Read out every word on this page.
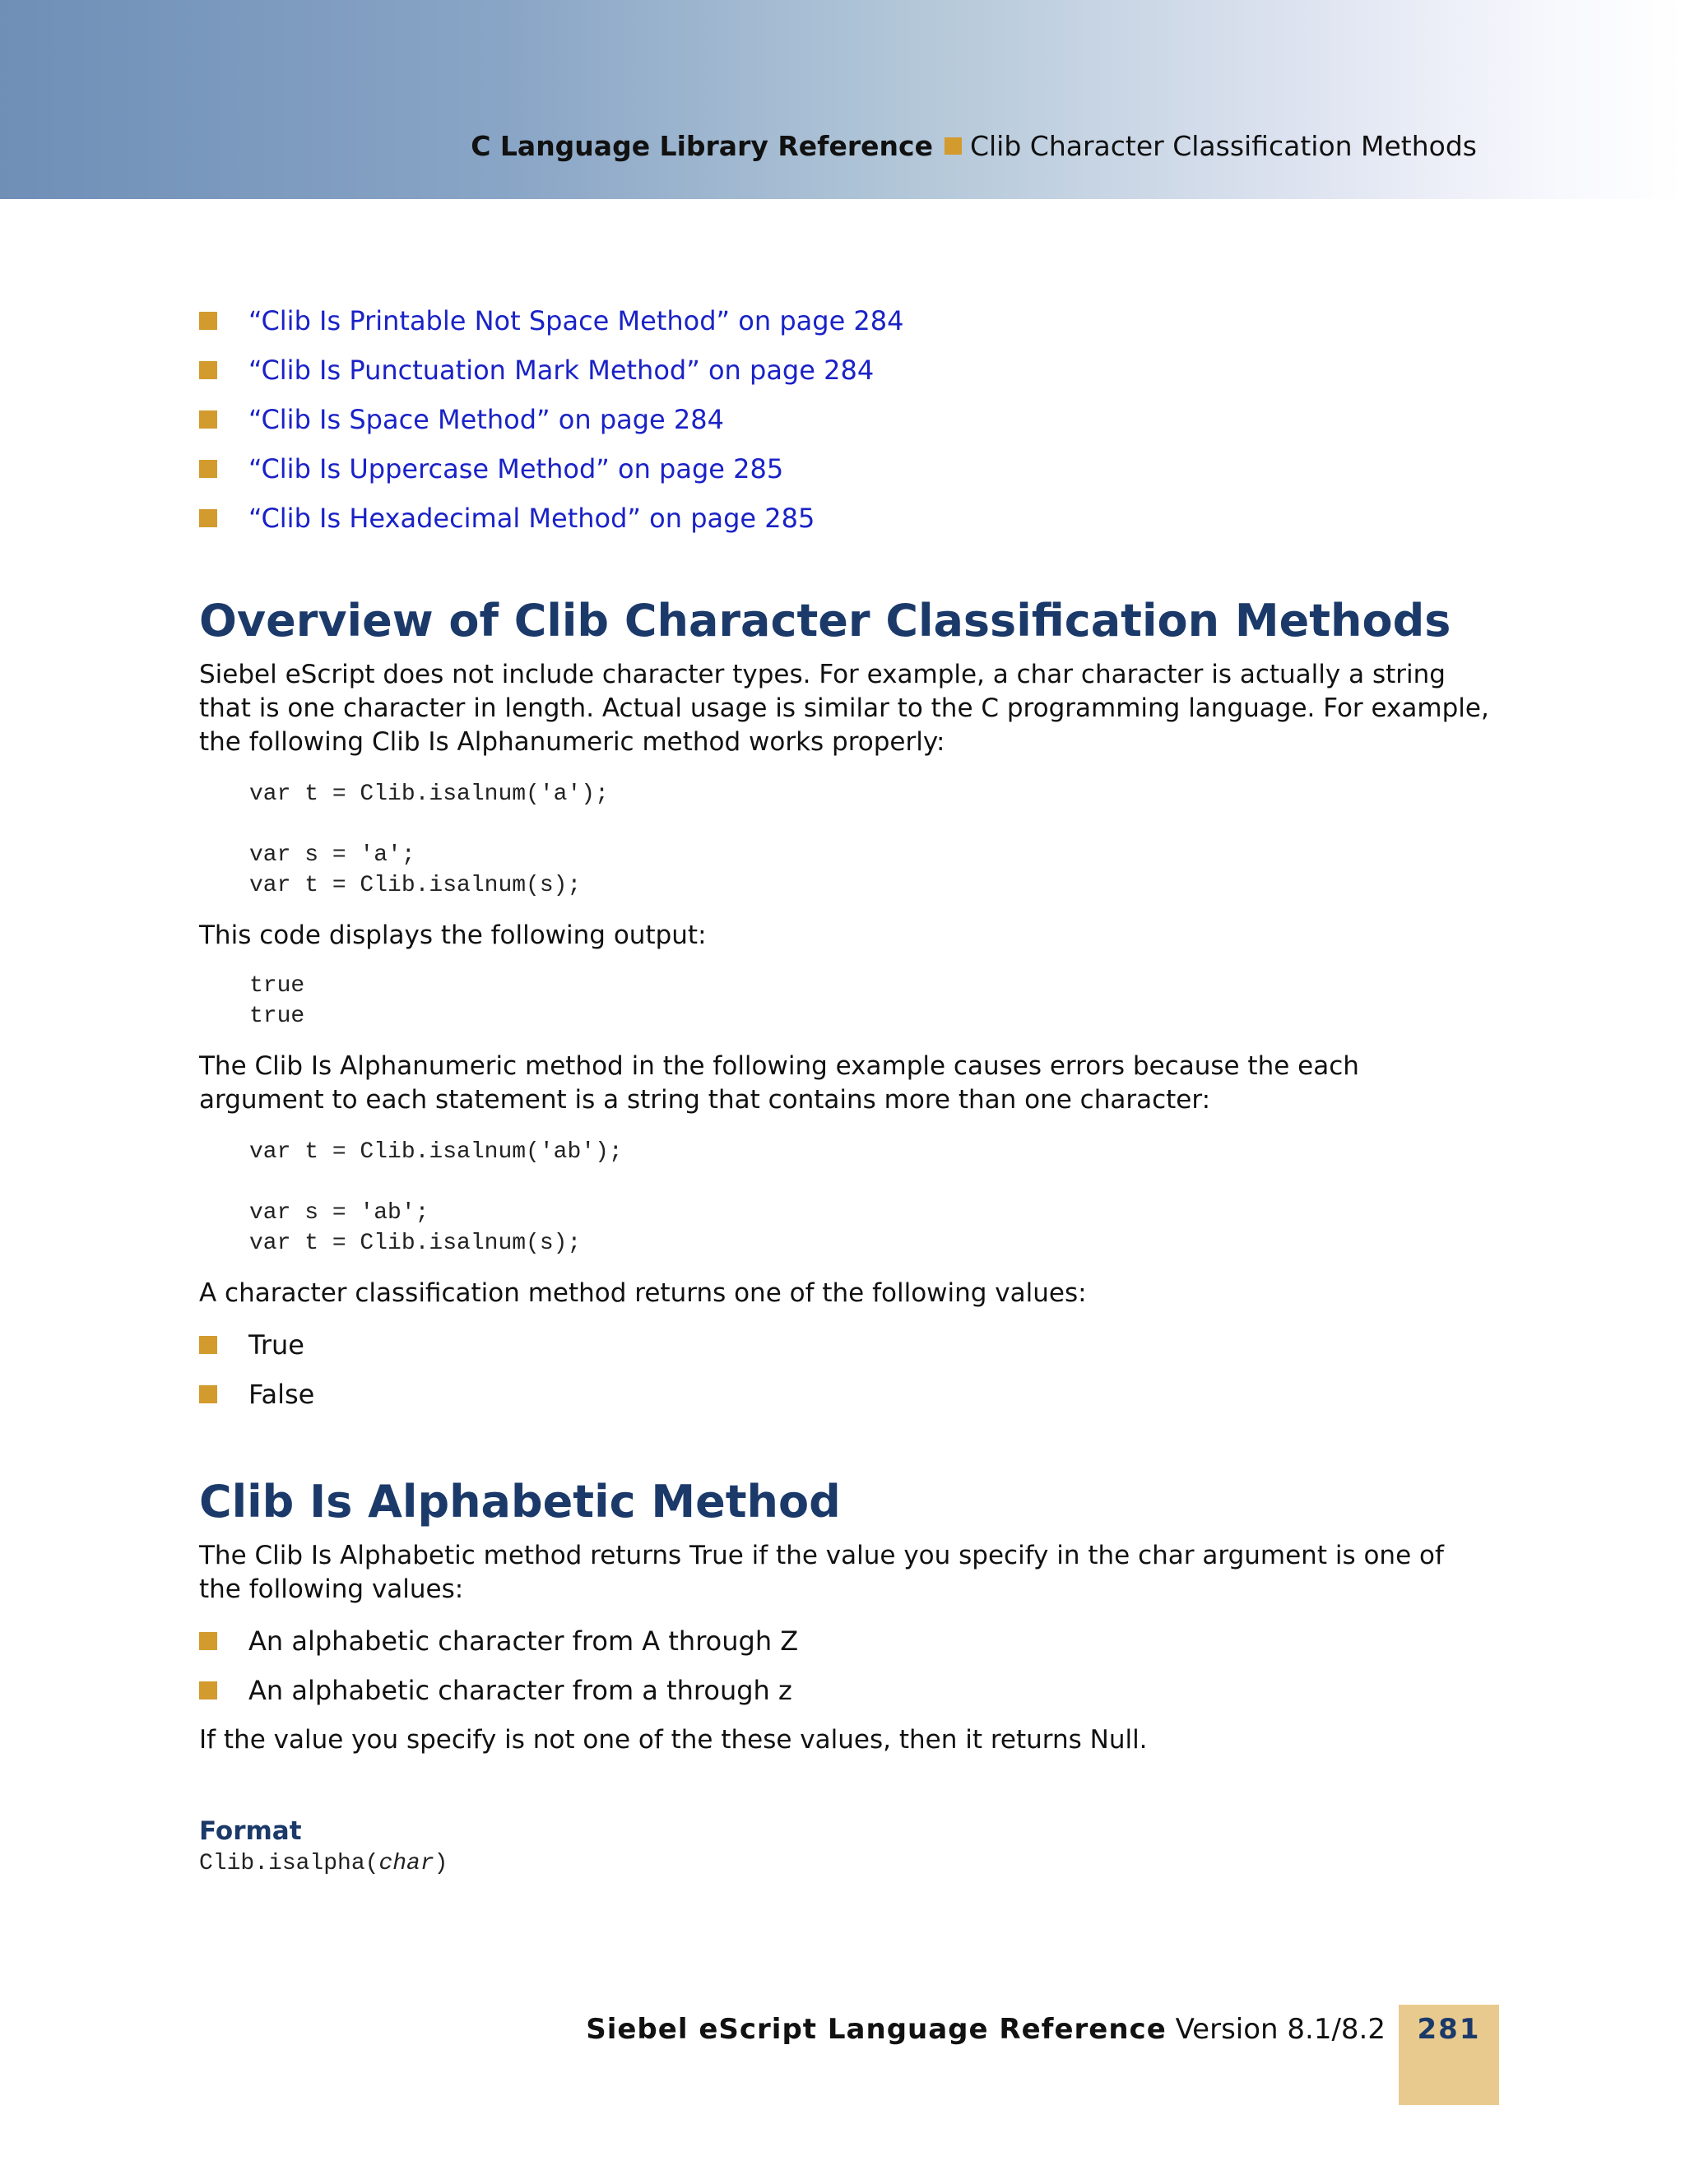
C Language Library Reference Clib Character Classification Methods
“Clib Is Printable Not Space Method” on page 284
“Clib Is Punctuation Mark Method” on page 284
“Clib Is Space Method” on page 284
“Clib Is Uppercase Method” on page 285
“Clib Is Hexadecimal Method” on page 285
Overview of Clib Character Classification Methods

Siebel eScript does not include character types. For example, a char character is actually a string that is one character in length. Actual usage is similar to the C programming language. For example, the following Clib Is Alphanumeric method works properly:

var t = Clib.isalnum('a');

var s = 'a';
var t = Clib.isalnum(s);

This code displays the following output:

true
true

The Clib Is Alphanumeric method in the following example causes errors because the each argument to each statement is a string that contains more than one character:

var t = Clib.isalnum('ab');

var s = 'ab';
var t = Clib.isalnum(s);

A character classification method returns one of the following values:

True
False
Clib Is Alphabetic Method

The Clib Is Alphabetic method returns True if the value you specify in the char argument is one of the following values:

An alphabetic character from A through Z
An alphabetic character from a through z

If the value you specify is not one of the these values, then it returns Null.

Format
Clib.isalpha(char)
Siebel eScript Language Reference Version 8.1/8.2	281
